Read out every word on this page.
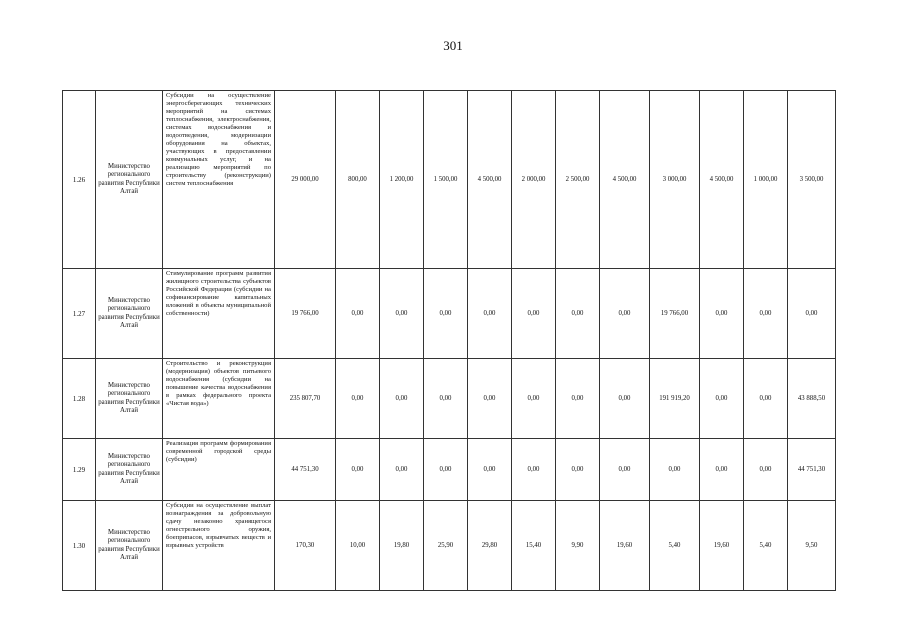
301
1.26	Министерство регионального развития Республики Алтай	Субсидии на осуществление энергосберегающих технических мероприятий на системах теплоснабжения, электроснабжения, системах водоснабжения и водоотведения, модернизации оборудования на объектах, участвующих в предоставлении коммунальных услуг, и на реализацию мероприятий по строительству (реконструкции) систем теплоснабжения	29 000,00	800,00	1 200,00	1 500,00	4 500,00	2 000,00	2 500,00	4 500,00	3 000,00	4 500,00	1 000,00	3 500,00
1.27	Министерство регионального развития Республики Алтай	Стимулирование программ развития жилищного строительства субъектов Российской Федерации (субсидии на софинансирование капитальных вложений в объекты муниципальной собственности)	19 766,00	0,00	0,00	0,00	0,00	0,00	0,00	0,00	19 766,00	0,00	0,00	0,00
1.28	Министерство регионального развития Республики Алтай	Строительство и реконструкция (модернизация) объектов питьевого водоснабжения (субсидии на повышение качества водоснабжения в рамках федерального проекта «Чистая вода»)	235 807,70	0,00	0,00	0,00	0,00	0,00	0,00	0,00	191 919,20	0,00	0,00	43 888,50
1.29	Министерство регионального развития Республики Алтай	Реализация программ формирования современной городской среды (субсидии)	44 751,30	0,00	0,00	0,00	0,00	0,00	0,00	0,00	0,00	0,00	0,00	44 751,30
1.30	Министерство регионального развития Республики Алтай	Субсидии на осуществление выплат вознаграждения за добровольную сдачу незаконно хранящегося огнестрельного оружия, боеприпасов, взрывчатых веществ и взрывных устройств	170,30	10,00	19,80	25,90	29,80	15,40	9,90	19,60	5,40	19,60	5,40	9,50
